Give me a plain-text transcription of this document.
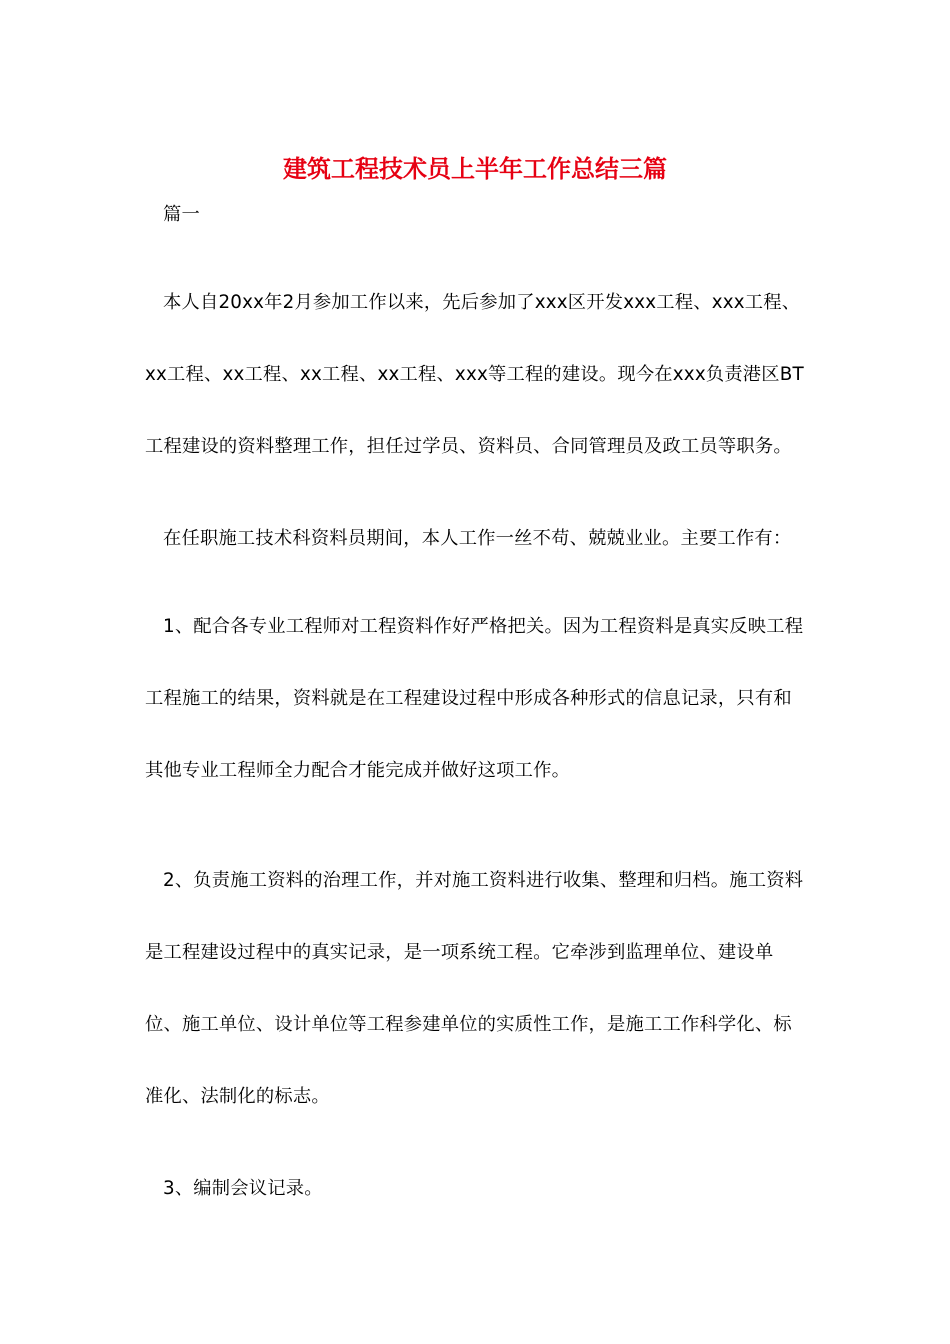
建筑工程技术员上半年工作总结三篇

篇一

本人自20xx年2月参加工作以来，先后参加了xxx区开发xxx工程、xxx工程、xx工程、xx工程、xx工程、xx工程、xxx等工程的建设。现今在xxx负责港区BT工程建设的资料整理工作，担任过学员、资料员、合同管理员及政工员等职务。

在任职施工技术科资料员期间，本人工作一丝不苟、兢兢业业。主要工作有：

1、配合各专业工程师对工程资料作好严格把关。因为工程资料是真实反映工程工程施工的结果，资料就是在工程建设过程中形成各种形式的信息记录，只有和其他专业工程师全力配合才能完成并做好这项工作。

2、负责施工资料的治理工作，并对施工资料进行收集、整理和归档。施工资料是工程建设过程中的真实记录，是一项系统工程。它牵涉到监理单位、建设单位、施工单位、设计单位等工程参建单位的实质性工作，是施工工作科学化、标准化、法制化的标志。

3、编制会议记录。
